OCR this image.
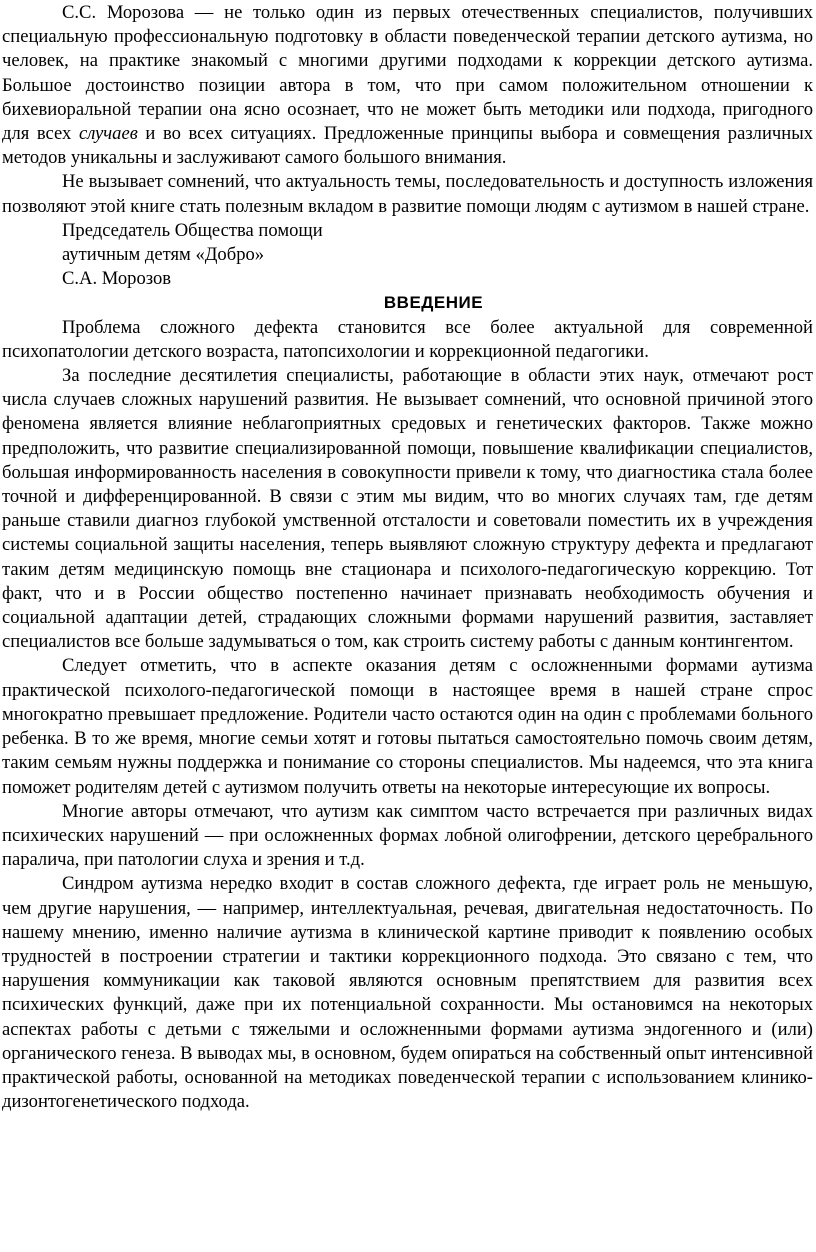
С.С. Морозова — не только один из первых отечественных специалистов, получивших специальную профессиональную подготовку в области поведенческой терапии детского аутизма, но человек, на практике знакомый с многими другими подходами к коррекции детского аутизма. Большое достоинство позиции автора в том, что при самом положительном отношении к бихевиоральной терапии она ясно осознает, что не может быть методики или подхода, пригодного для всех случаев и во всех ситуациях. Предложенные принципы выбора и совмещения различных методов уникальны и заслуживают самого большого внимания.

Не вызывает сомнений, что актуальность темы, последовательность и доступность изложения позволяют этой книге стать полезным вкладом в развитие помощи людям с аутизмом в нашей стране.

Председатель Общества помощи

аутичным детям «Добро»

С.А. Морозов

ВВЕДЕНИЕ

Проблема сложного дефекта становится все более актуальной для современной психопатологии детского возраста, патопсихологии и коррекционной педагогики.

За последние десятилетия специалисты, работающие в области этих наук, отмечают рост числа случаев сложных нарушений развития. Не вызывает сомнений, что основной причиной этого феномена является влияние неблагоприятных средовых и генетических факторов. Также можно предположить, что развитие специализированной помощи, повышение квалификации специалистов, большая информированность населения в совокупности привели к тому, что диагностика стала более точной и дифференцированной. В связи с этим мы видим, что во многих случаях там, где детям раньше ставили диагноз глубокой умственной отсталости и советовали поместить их в учреждения системы социальной защиты населения, теперь выявляют сложную структуру дефекта и предлагают таким детям медицинскую помощь вне стационара и психолого-педагогическую коррекцию. Тот факт, что и в России общество постепенно начинает признавать необходимость обучения и социальной адаптации детей, страдающих сложными формами нарушений развития, заставляет специалистов все больше задумываться о том, как строить систему работы с данным контингентом.

Следует отметить, что в аспекте оказания детям с осложненными формами аутизма практической психолого-педагогической помощи в настоящее время в нашей стране спрос многократно превышает предложение. Родители часто остаются один на один с проблемами больного ребенка. В то же время, многие семьи хотят и готовы пытаться самостоятельно помочь своим детям, таким семьям нужны поддержка и понимание со стороны специалистов. Мы надеемся, что эта книга поможет родителям детей с аутизмом получить ответы на некоторые интересующие их вопросы.

Многие авторы отмечают, что аутизм как симптом часто встречается при различных видах психических нарушений — при осложненных формах лобной олигофрении, детского церебрального паралича, при патологии слуха и зрения и т.д.

Синдром аутизма нередко входит в состав сложного дефекта, где играет роль не меньшую, чем другие нарушения, — например, интеллектуальная, речевая, двигательная недостаточность. По нашему мнению, именно наличие аутизма в клинической картине приводит к появлению особых трудностей в построении стратегии и тактики коррекционного подхода. Это связано с тем, что нарушения коммуникации как таковой являются основным препятствием для развития всех психических функций, даже при их потенциальной сохранности. Мы остановимся на некоторых аспектах работы с детьми с тяжелыми и осложненными формами аутизма эндогенного и (или) органического генеза. В выводах мы, в основном, будем опираться на собственный опыт интенсивной практической работы, основанной на методиках поведенческой терапии с использованием клинико-дизонтогенетического подхода.
